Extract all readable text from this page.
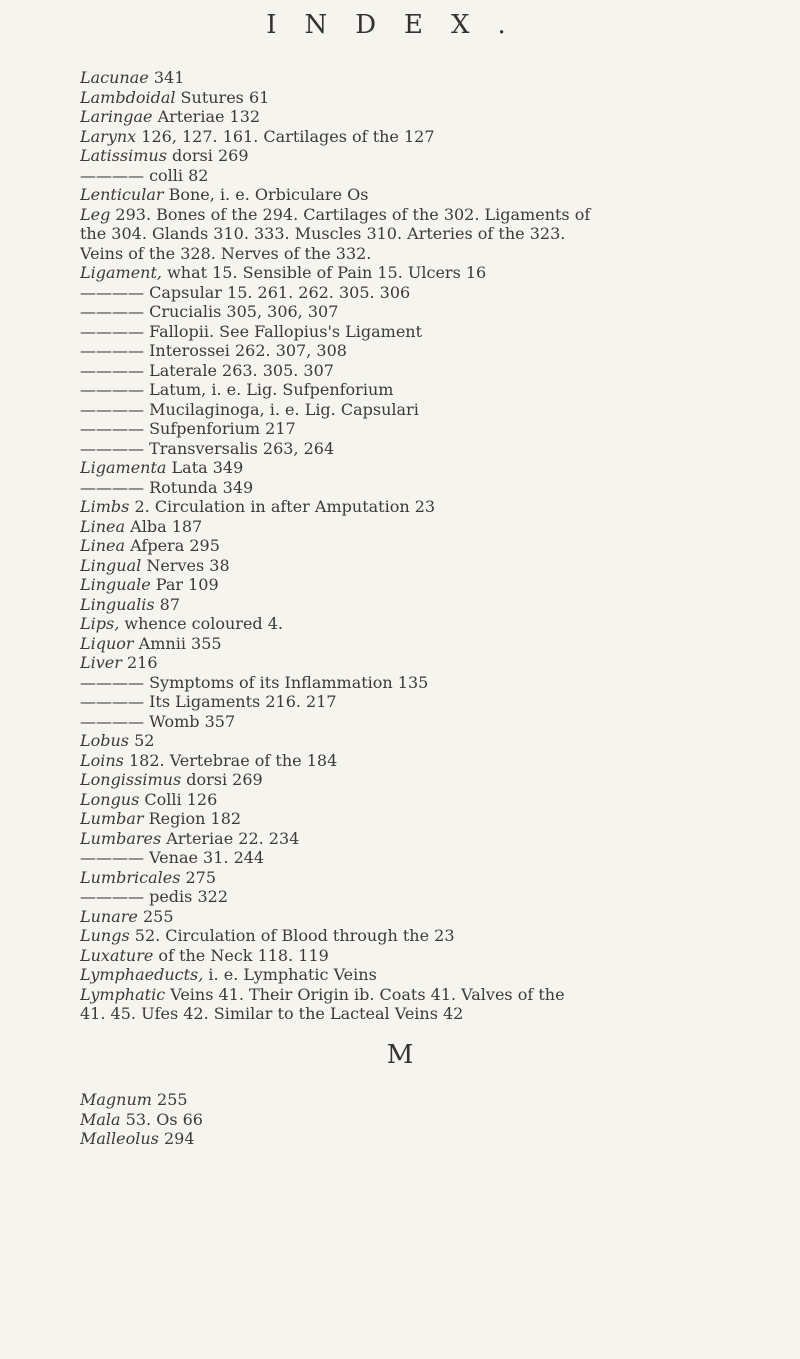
INDEX.
Lacunae 341
Lambdoidal Sutures 61
Laringae Arteriae 132
Larynx 126, 127. 161. Cartilages of the 127
Latissimus dorsi 269
———— colli 82
Lenticular Bone, i. e. Orbiculare Os
Leg 293. Bones of the 294. Cartilages of the 302. Ligaments of
the 304. Glands 310. 333. Muscles 310. Arteries of the 323.
Veins of the 328. Nerves of the 332.
Ligament, what 15. Sensible of Pain 15. Ulcers 16
———— Capsular 15. 261. 262. 305. 306
———— Crucialis 305, 306, 307
———— Fallopii. See Fallopius's Ligament
———— Interossei 262. 307, 308
———— Laterale 263. 305. 307
———— Latum, i. e. Lig. Sufpenforium
———— Mucilaginoga, i. e. Lig. Capsulari
———— Sufpenforium 217
———— Transversalis 263, 264
Ligamenta Lata 349
———— Rotunda 349
Limbs 2. Circulation in after Amputation 23
Linea Alba 187
Linea Afpera 295
Lingual Nerves 38
Linguale Par 109
Lingualis 87
Lips, whence coloured 4.
Liquor Amnii 355
Liver 216
———— Symptoms of its Inflammation 135
———— Its Ligaments 216. 217
———— Womb 357
Lobus 52
Loins 182. Vertebrae of the 184
Longissimus dorsi 269
Longus Colli 126
Lumbar Region 182
Lumbares Arteriae 22. 234
———— Venae 31. 244
Lumbricales 275
———— pedis 322
Lunare 255
Lungs 52. Circulation of Blood through the 23
Luxature of the Neck 118. 119
Lymphaeducts, i. e. Lymphatic Veins
Lymphatic Veins 41. Their Origin ib. Coats 41. Valves of the
41. 45. Ufes 42. Similar to the Lacteal Veins 42
M
Magnum 255
Mala 53. Os 66
Malleolus 294
